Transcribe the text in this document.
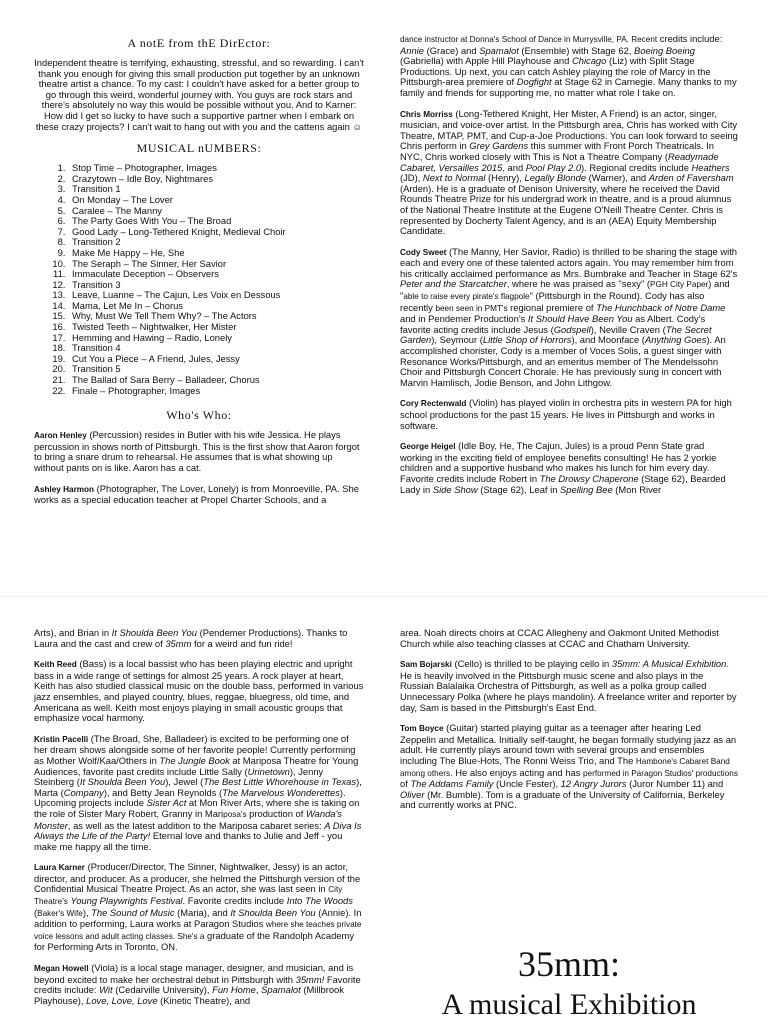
A notE from thE DirEctor:

Independent theatre is terrifying, exhausting, stressful, and so rewarding. I can't thank you enough for giving this small production put together by an unknown theatre artist a chance. To my cast: I couldn't have asked for a better group to go through this weird, wonderful journey with. You guys are rock stars and there's absolutely no way this would be possible without you. And to Karner: How did I get so lucky to have such a supportive partner when I embark on these crazy projects? I can't wait to hang out with you and the cattens again ☺

MUSICAL nUMBERS:
1. Stop Time – Photographer, Images
2. Crazytown – Idle Boy, Nightmares
3. Transition 1
4. On Monday – The Lover
5. Caralee – The Manny
6. The Party Goes With You – The Broad
7. Good Lady – Long-Tethered Knight, Medieval Choir
8. Transition 2
9. Make Me Happy – He, She
10. The Seraph – The Sinner, Her Savior
11. Immaculate Deception – Observers
12. Transition 3
13. Leave, Luanne – The Cajun, Les Voix en Dessous
14. Mama, Let Me In – Chorus
15. Why, Must We Tell Them Why? – The Actors
16. Twisted Teeth – Nightwalker, Her Mister
17. Hemming and Hawing – Radio, Lonely
18. Transition 4
19. Cut You a Piece – A Friend, Jules, Jessy
20. Transition 5
21. The Ballad of Sara Berry – Balladeer, Chorus
22. Finale – Photographer, Images
Who's Who:

Aaron Henley (Percussion) resides in Butler with his wife Jessica. He plays percussion in shows north of Pittsburgh. This is the first show that Aaron forgot to bring a snare drum to rehearsal. He assumes that is what showing up without pants on is like. Aaron has a cat.

Ashley Harmon (Photographer, The Lover, Lonely) is from Monroeville, PA. She works as a special education teacher at Propel Charter Schools, and a

dance instructor at Donna's School of Dance in Murrysville, PA. Recent credits include: Annie (Grace) and Spamalot (Ensemble) with Stage 62, Boeing Boeing (Gabriella) with Apple Hill Playhouse and Chicago (Liz) with Split Stage Productions. Up next, you can catch Ashley playing the role of Marcy in the Pittsburgh-area premiere of Dogfight at Stage 62 in Carnegie. Many thanks to my family and friends for supporting me, no matter what role I take on.

Chris Morriss (Long-Tethered Knight, Her Mister, A Friend) is an actor, singer, musician, and voice-over artist. In the Pittsburgh area, Chris has worked with City Theatre, MTAP, PMT, and Cup-a-Joe Productions. You can look forward to seeing Chris perform in Grey Gardens this summer with Front Porch Theatricals. In NYC, Chris worked closely with This is Not a Theatre Company (Readymade Cabaret, Versailles 2015, and Pool Play 2.0). Regional credits include Heathers (JD), Next to Normal (Henry), Legally Blonde (Warner), and Arden of Faversham (Arden). He is a graduate of Denison University, where he received the David Rounds Theatre Prize for his undergrad work in theatre, and is a proud alumnus of the National Theatre Institute at the Eugene O'Neill Theatre Center. Chris is represented by Docherty Talent Agency, and is an (AEA) Equity Membership Candidate.

Cody Sweet (The Manny, Her Savior, Radio) is thrilled to be sharing the stage with each and every one of these talented actors again. You may remember him from his critically acclaimed performance as Mrs. Bumbrake and Teacher in Stage 62's Peter and the Starcatcher, where he was praised as "sexy" (PGH City Paper) and "able to raise every pirate's flagpole" (Pittsburgh in the Round). Cody has also recently been seen in PMT's regional premiere of The Hunchback of Notre Dame and in Pendemer Production's It Should Have Been You as Albert. Cody's favorite acting credits include Jesus (Godspell), Neville Craven (The Secret Garden), Seymour (Little Shop of Horrors), and Moonface (Anything Goes). An accomplished chorister, Cody is a member of Voces Solis, a guest singer with Resonance Works/Pittsburgh, and an emeritus member of The Mendelssohn Choir and Pittsburgh Concert Chorale. He has previously sung in concert with Marvin Hamlisch, Jodie Benson, and John Lithgow.

Cory Rectenwald (Violin) has played violin in orchestra pits in western PA for high school productions for the past 15 years. He lives in Pittsburgh and works in software.

George Heigel (Idle Boy, He, The Cajun, Jules) is a proud Penn State grad working in the exciting field of employee benefits consulting! He has 2 yorkie children and a supportive husband who makes his lunch for him every day. Favorite credits include Robert in The Drowsy Chaperone (Stage 62), Bearded Lady in Side Show (Stage 62), Leaf in Spelling Bee (Mon River

Arts), and Brian in It Shoulda Been You (Pendemer Productions). Thanks to Laura and the cast and crew of 35mm for a weird and fun ride!

Keith Reed (Bass) is a local bassist who has been playing electric and upright bass in a wide range of settings for almost 25 years. A rock player at heart, Keith has also studied classical music on the double bass, performed in various jazz ensembles, and played country, blues, reggae, bluegress, old time, and Americana as well. Keith most enjoys playing in small acoustic groups that emphasize vocal harmony.

Kristin Pacelli (The Broad, She, Balladeer) is excited to be performing one of her dream shows alongside some of her favorite people! Currently performing as Mother Wolf/Kaa/Others in The Jungle Book at Mariposa Theatre for Young Audiences, favorite past credits include Little Sally (Urinetown), Jenny Steinberg (It Shoulda Been You), Jewel (The Best Little Whorehouse in Texas), Marta (Company), and Betty Jean Reynolds (The Marvelous Wonderettes). Upcoming projects include Sister Act at Mon River Arts, where she is taking on the role of Sister Mary Robert, Granny in Mariposa's production of Wanda's Monster, as well as the latest addition to the Mariposa cabaret series: A Diva Is Always the Life of the Party! Eternal love and thanks to Julie and Jeff - you make me happy all the time.

Laura Karner (Producer/Director, The Sinner, Nightwalker, Jessy) is an actor, director, and producer. As a producer, she helmed the Pittsburgh version of the Confidential Musical Theatre Project. As an actor, she was last seen in City Theatre's Young Playwrights Festival. Favorite credits include Into The Woods (Baker's Wife), The Sound of Music (Maria), and It Shoulda Been You (Annie). In addition to performing, Laura works at Paragon Studios where she teaches private voice lessons and adult acting classes. She's a graduate of the Randolph Academy for Performing Arts in Toronto, ON.

Megan Howell (Viola) is a local stage manager, designer, and musician, and is beyond excited to make her orchestral debut in Pittsburgh with 35mm! Favorite credits include: Wit (Cedarville University), Fun Home, Spamalot (Millbrook Playhouse), Love, Love, Love (Kinetic Theatre), and

area. Noah directs choirs at CCAC Allegheny and Oakmont United Methodist Church while also teaching classes at CCAC and Chatham University.

Sam Bojarski (Cello) is thrilled to be playing cello in 35mm: A Musical Exhibition. He is heavily involved in the Pittsburgh music scene and also plays in the Russian Balalaika Orchestra of Pittsburgh, as well as a polka group called Unnecessary Polka (where he plays mandolin). A freelance writer and reporter by day, Sam is based in the Pittsburgh's East End.

Tom Boyce (Guitar) started playing guitar as a teenager after hearing Led Zeppelin and Metallica. Initially self-taught, he began formally studying jazz as an adult. He currently plays around town with several groups and ensembles including The Blue-Hots, The Ronni Weiss Trio, and The Hambone's Cabaret Band among others. He also enjoys acting and has performed in Paragon Studios' productions of The Addams Family (Uncle Fester), 12 Angry Jurors (Juror Number 11) and Oliver (Mr. Bumble). Tom is a graduate of the University of California, Berkeley and currently works at PNC.

35mm:
A musical Exhibition
